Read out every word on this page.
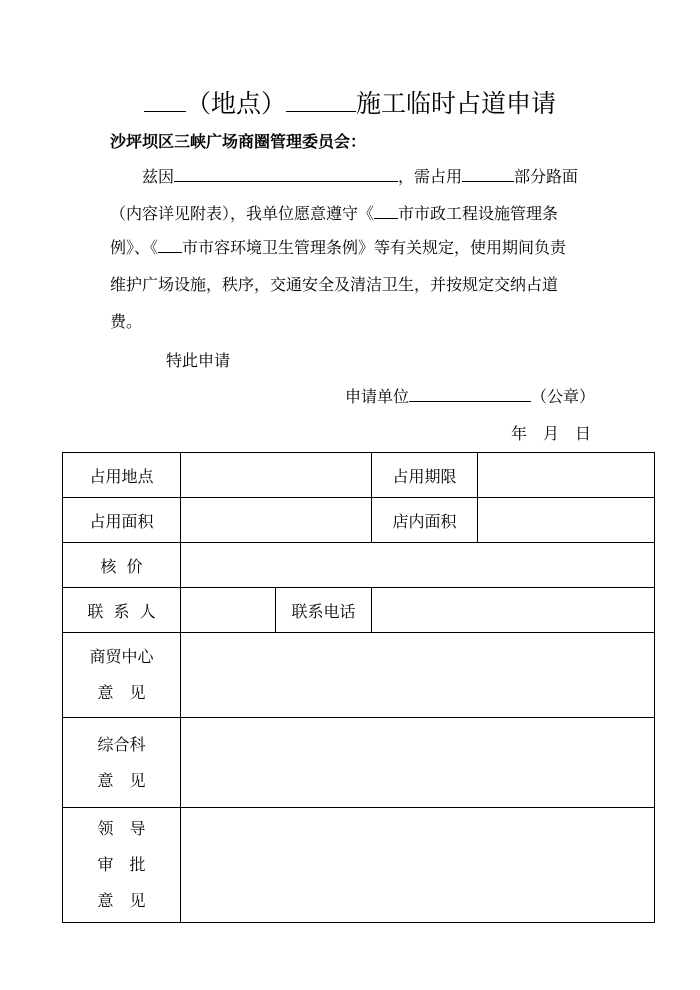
（地点）	施工临时占道申请
沙坪坝区三峡广场商圈管理委员会：
兹因	，需占用	部分路面
（内容详见附表），我单位愿意遵守《 市市政工程设施管理条
例》、《 市市容环境卫生管理条例》等有关规定，使用期间负责
维护广场设施，秩序，交通安全及清洁卫生，并按规定交纳占道
费。
特此申请
申请单位	（公章）
年　月　日
占用地点			占用期限	
占用面积			店内面积	
核  价				
联  系  人		联系电话		

商贸中心
意　见				

综合科
意　见				

领　导
审　批
意　见				
